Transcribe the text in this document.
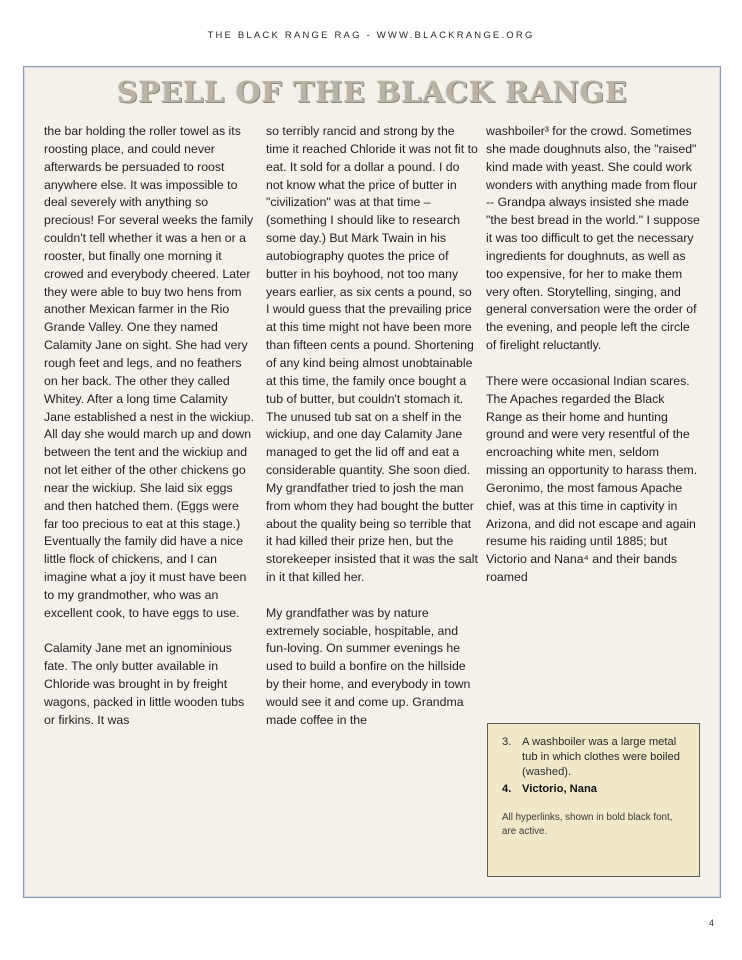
THE BLACK RANGE RAG - WWW.BLACKRANGE.ORG
SPELL OF THE BLACK RANGE

the bar holding the roller towel as its roosting place, and could never afterwards be persuaded to roost anywhere else. It was impossible to deal severely with anything so precious! For several weeks the family couldn't tell whether it was a hen or a rooster, but finally one morning it crowed and everybody cheered. Later they were able to buy two hens from another Mexican farmer in the Rio Grande Valley. One they named Calamity Jane on sight. She had very rough feet and legs, and no feathers on her back. The other they called Whitey. After a long time Calamity Jane established a nest in the wickiup. All day she would march up and down between the tent and the wickiup and not let either of the other chickens go near the wickiup. She laid six eggs and then hatched them. (Eggs were far too precious to eat at this stage.) Eventually the family did have a nice little flock of chickens, and I can imagine what a joy it must have been to my grandmother, who was an excellent cook, to have eggs to use.

Calamity Jane met an ignominious fate. The only butter available in Chloride was brought in by freight wagons, packed in little wooden tubs or firkins. It was

so terribly rancid and strong by the time it reached Chloride it was not fit to eat. It sold for a dollar a pound. I do not know what the price of butter in "civilization" was at that time – (something I should like to research some day.) But Mark Twain in his autobiography quotes the price of butter in his boyhood, not too many years earlier, as six cents a pound, so I would guess that the prevailing price at this time might not have been more than fifteen cents a pound. Shortening of any kind being almost unobtainable at this time, the family once bought a tub of butter, but couldn't stomach it. The unused tub sat on a shelf in the wickiup, and one day Calamity Jane managed to get the lid off and eat a considerable quantity. She soon died. My grandfather tried to josh the man from whom they had bought the butter about the quality being so terrible that it had killed their prize hen, but the storekeeper insisted that it was the salt in it that killed her.

My grandfather was by nature extremely sociable, hospitable, and fun-loving. On summer evenings he used to build a bonfire on the hillside by their home, and everybody in town would see it and come up. Grandma made coffee in the

washboiler³ for the crowd. Sometimes she made doughnuts also, the "raised" kind made with yeast. She could work wonders with anything made from flour -- Grandpa always insisted she made "the best bread in the world." I suppose it was too difficult to get the necessary ingredients for doughnuts, as well as too expensive, for her to make them very often. Storytelling, singing, and general conversation were the order of the evening, and people left the circle of firelight reluctantly.

There were occasional Indian scares. The Apaches regarded the Black Range as their home and hunting ground and were very resentful of the encroaching white men, seldom missing an opportunity to harass them. Geronimo, the most famous Apache chief, was at this time in captivity in Arizona, and did not escape and again resume his raiding until 1885; but Victorio and Nana⁴ and their bands roamed

3. A washboiler was a large metal tub in which clothes were boiled (washed).
4. Victorio, Nana
All hyperlinks, shown in bold black font, are active.
4
